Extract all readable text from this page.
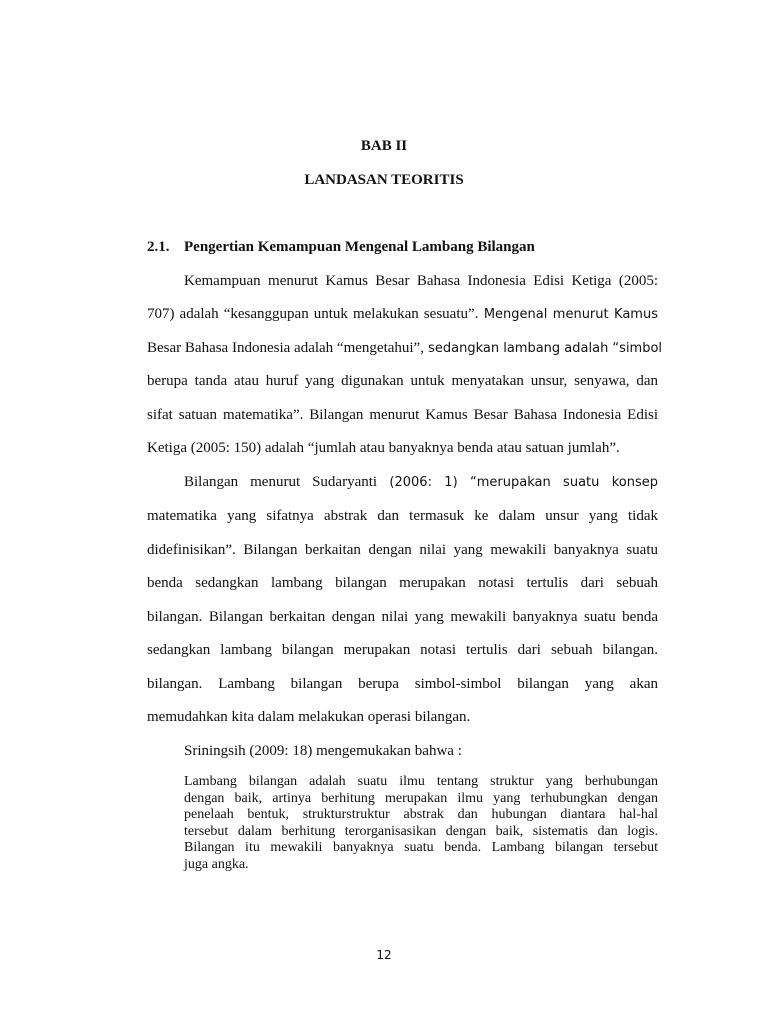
BAB II
LANDASAN TEORITIS
2.1. Pengertian Kemampuan Mengenal Lambang Bilangan
Kemampuan menurut Kamus Besar Bahasa Indonesia Edisi Ketiga (2005:
707) adalah “kesanggupan untuk melakukan sesuatu”. Mengenal menurut Kamus
Besar Bahasa Indonesia adalah “mengetahui”, sedangkan lambang adalah “simbol
berupa tanda atau huruf yang digunakan untuk menyatakan unsur, senyawa, dan
sifat satuan matematika”. Bilangan menurut Kamus Besar Bahasa Indonesia Edisi
Ketiga (2005: 150) adalah “jumlah atau banyaknya benda atau satuan jumlah”.
Bilangan menurut Sudaryanti (2006: 1) “merupakan suatu konsep
matematika yang sifatnya abstrak dan termasuk ke dalam unsur yang tidak
didefinisikan”. Bilangan berkaitan dengan nilai yang mewakili banyaknya suatu
benda sedangkan lambang bilangan merupakan notasi tertulis dari sebuah
bilangan. Bilangan berkaitan dengan nilai yang mewakili banyaknya suatu benda
sedangkan lambang bilangan merupakan notasi tertulis dari sebuah bilangan.
bilangan. Lambang bilangan berupa simbol-simbol bilangan yang akan
memudahkan kita dalam melakukan operasi bilangan.
Sriningsih (2009: 18) mengemukakan bahwa :
Lambang bilangan adalah suatu ilmu tentang struktur yang berhubungan
dengan baik, artinya berhitung merupakan ilmu yang terhubungkan dengan
penelaah bentuk, strukturstruktur abstrak dan hubungan diantara hal-hal
tersebut dalam berhitung terorganisasikan dengan baik, sistematis dan logis.
Bilangan itu mewakili banyaknya suatu benda. Lambang bilangan tersebut
juga angka.
12
